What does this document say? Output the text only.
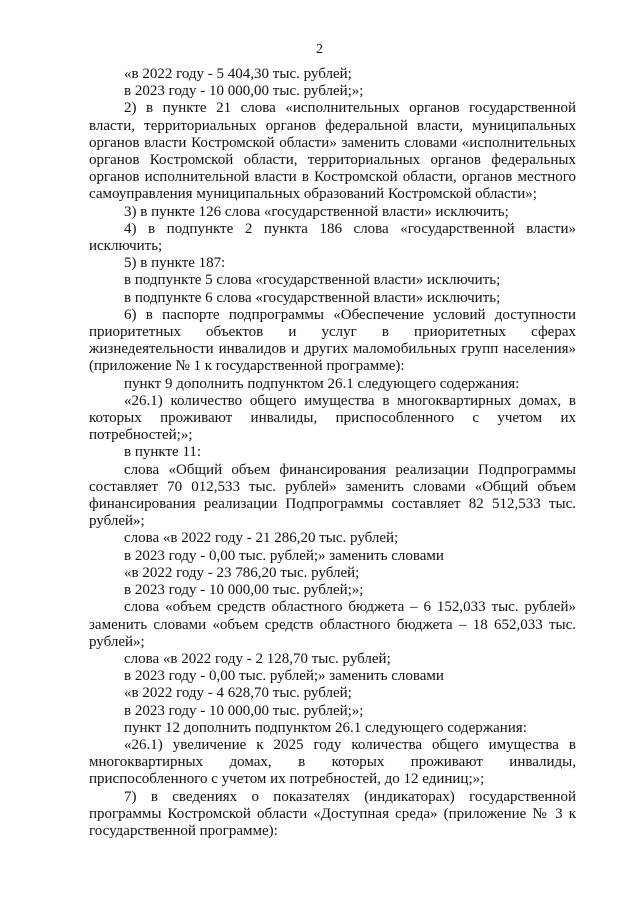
2

«в 2022 году - 5 404,30 тыс. рублей;

в 2023 году - 10 000,00 тыс. рублей;»;

2) в пункте 21 слова «исполнительных органов государственной власти, территориальных органов федеральной власти, муниципальных органов власти Костромской области» заменить словами «исполнительных органов Костромской области, территориальных органов федеральных органов исполнительной власти в Костромской области, органов местного самоуправления муниципальных образований Костромской области»;

3) в пункте 126 слова «государственной власти» исключить;

4) в подпункте 2 пункта 186 слова «государственной власти» исключить;

5) в пункте 187:

в подпункте 5 слова «государственной власти» исключить;

в подпункте 6 слова «государственной власти» исключить;

6) в паспорте подпрограммы «Обеспечение условий доступности приоритетных объектов и услуг в приоритетных сферах жизнедеятельности инвалидов и других маломобильных групп населения» (приложение № 1 к государственной программе):

пункт 9 дополнить подпунктом 26.1 следующего содержания:

«26.1) количество общего имущества в многоквартирных домах, в которых проживают инвалиды, приспособленного с учетом их потребностей;»;

в пункте 11:

слова «Общий объем финансирования реализации Подпрограммы составляет 70 012,533 тыс. рублей» заменить словами «Общий объем финансирования реализации Подпрограммы составляет 82 512,533 тыс. рублей»;

слова «в 2022 году - 21 286,20 тыс. рублей;

в 2023 году - 0,00 тыс. рублей;» заменить словами

«в 2022 году - 23 786,20 тыс. рублей;

в 2023 году - 10 000,00 тыс. рублей;»;

слова «объем средств областного бюджета – 6 152,033 тыс. рублей» заменить словами «объем средств областного бюджета – 18 652,033 тыс. рублей»;

слова «в 2022 году - 2 128,70 тыс. рублей;

в 2023 году - 0,00 тыс. рублей;» заменить словами

«в 2022 году - 4 628,70 тыс. рублей;

в 2023 году - 10 000,00 тыс. рублей;»;

пункт 12 дополнить подпунктом 26.1 следующего содержания:

«26.1) увеличение к 2025 году количества общего имущества в многоквартирных домах, в которых проживают инвалиды, приспособленного с учетом их потребностей, до 12 единиц;»;

7) в сведениях о показателях (индикаторах) государственной программы Костромской области «Доступная среда» (приложение № 3 к государственной программе):
